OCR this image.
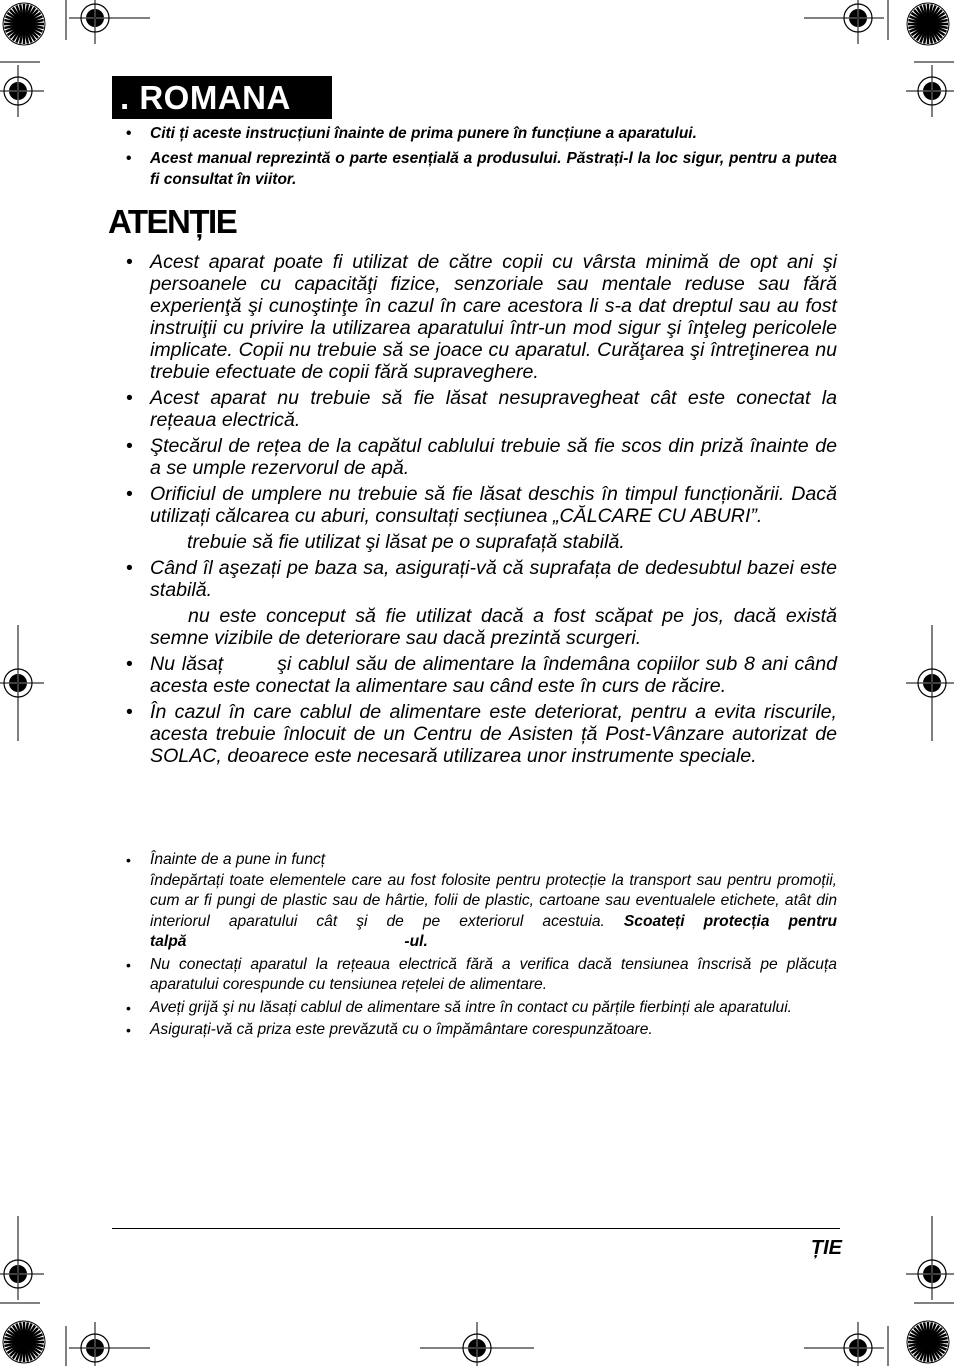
. ROMANA
• Citi ți aceste instrucțiuni înainte de prima punere în funcțiune a aparatului.
• Acest manual reprezintă o parte esențială a produsului. Păstrați-l la loc sigur, pentru a putea fi consultat în viitor.
ATENȚIE
• Acest aparat poate fi utilizat de către copii cu vârsta minimă de opt ani şi persoanele cu capacităţi fizice, senzoriale sau mentale reduse sau fără experienţă şi cunoştinţe în cazul în care acestora li s-a dat dreptul sau au fost instruiţii cu privire la utilizarea aparatului într-un mod sigur şi înţeleg pericolele implicate. Copii nu trebuie să se joace cu aparatul. Curăţarea şi întreţinerea nu trebuie efectuate de copii fără supraveghere.
• Acest aparat nu trebuie să fie lăsat nesupravegheat cât este conectat la rețeaua electrică.
• Ştecărul de rețea de la capătul cablului trebuie să fie scos din priză înainte de a se umple rezervorul de apă.
• Orificiul de umplere nu trebuie să fie lăsat deschis în timpul funcționării. Dacă utilizați călcarea cu aburi, consultați secțiunea „CĂLCARE CU ABURI”.
trebuie să fie utilizat şi lăsat pe o suprafață stabilă.
• Când îl aşezați pe baza sa, asigurați-vă că suprafața de dedesubtul bazei este stabilă.
nu este conceput să fie utilizat dacă a fost scăpat pe jos, dacă există semne vizibile de deteriorare sau dacă prezintă scurgeri.
• Nu lăsaț        şi cablul său de alimentare la îndemâna copiilor sub 8 ani când acesta este conectat la alimentare sau când este în curs de răcire.
• În cazul în care cablul de alimentare este deteriorat, pentru a evita riscurile, acesta trebuie înlocuit de un Centru de Asisten ță Post-Vânzare autorizat de SOLAC, deoarece este necesară utilizarea unor instrumente speciale.
• Înainte de a pune in funcț
îndepărtați toate elementele care au fost folosite pentru protecție la transport sau pentru promoții, cum ar fi pungi de plastic sau de hârtie, folii de plastic, cartoane sau eventualele etichete, atât din interiorul aparatului cât şi de pe exteriorul acestuia. Scoateți protecția pentru talpă	-ul.
• Nu conectați aparatul la rețeaua electrică fără a verifica dacă tensiunea înscrisă pe plăcuța aparatului corespunde cu tensiunea rețelei de alimentare.
• Aveți grijă şi nu lăsați cablul de alimentare să intre în contact cu părțile fierbinți ale aparatului.
• Asigurați-vă că priza este prevăzută cu o împământare corespunzătoare.
ȚIE
